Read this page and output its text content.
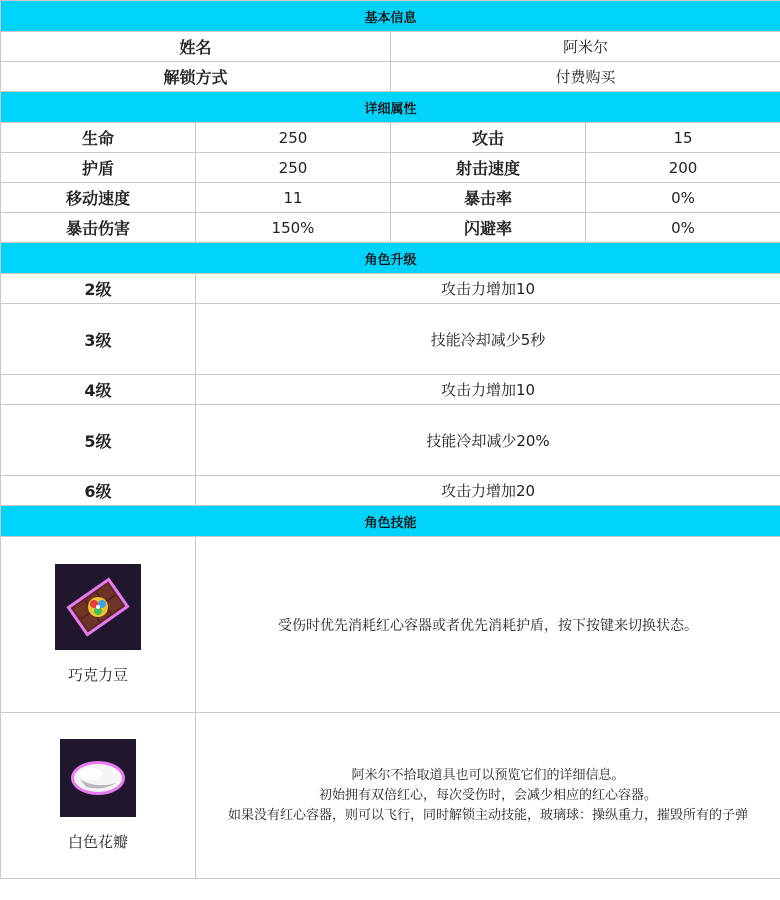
基本信息			
姓名		阿米尔	
解锁方式		付费购买	
详细属性			
生命	250	攻击	15
护盾	250	射击速度	200
移动速度	11	暴击率	0%
暴击伤害	150%	闪避率	0%
角色升级			
2级	攻击力增加10		
3级	技能冷却减少5秒		
4级	攻击力增加10		
5级	技能冷却减少20%		
6级	攻击力增加20		
角色技能			

巧克力豆	受伤时优先消耗红心容器或者优先消耗护盾，按下按键来切换状态。		

白色花瓣	阿米尔不拾取道具也可以预览它们的详细信息。
初始拥有双倍红心，每次受伤时，会减少相应的红心容器。
如果没有红心容器，则可以飞行，同时解锁主动技能，玻璃球：操纵重力，摧毁所有的子弹		
